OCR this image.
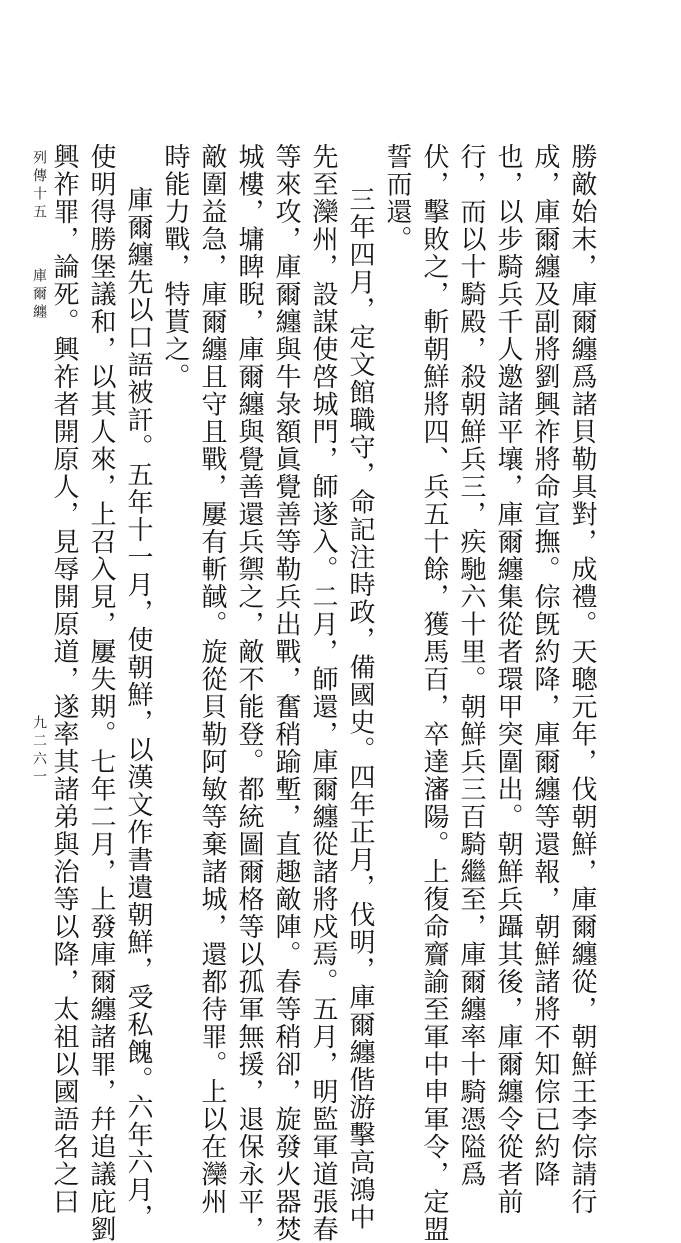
勝敵始末，庫爾纏爲諸貝勒具對，成禮。天聰元年，伐朝鮮，庫爾纏從，朝鮮王李倧請行
成，庫爾纏及副將劉興祚將命宣撫。倧旣約降，庫爾纏等還報，朝鮮諸將不知倧已約降
也，以步騎兵千人邀諸平壤，庫爾纏集從者環甲突圍出。朝鮮兵躡其後，庫爾纏令從者前
行，而以十騎殿，殺朝鮮兵三，疾馳六十里。朝鮮兵三百騎繼至，庫爾纏率十騎憑隘爲
伏，擊敗之，斬朝鮮將四、兵五十餘，獲馬百，卒達瀋陽。上復命齎諭至軍中申軍令，定盟
誓而還。
三年四月，定文館職守，命記注時政，備國史。四年正月，伐明，庫爾纏偕游擊高鴻中
先至灤州，設謀使啓城門，師遂入。二月，師還，庫爾纏從諸將戍焉。五月，明監軍道張春
等來攻，庫爾纏與牛彔額眞覺善等勒兵出戰，奮稍踰塹，直趣敵陣。春等稍卻，旋發火器焚
城樓，墉睥睨，庫爾纏與覺善還兵禦之，敵不能登。都統圖爾格等以孤軍無援，退保永平，
敵圍益急，庫爾纏且守且戰，屢有斬馘。旋從貝勒阿敏等棄諸城，還都待罪。上以在灤州
時能力戰，特貰之。
庫爾纏先以口語被訐。五年十一月，使朝鮮，以漢文作書遺朝鮮，受私餽。六年六月，
使明得勝堡議和，以其人來，上召入見，屢失期。七年二月，上發庫爾纏諸罪，幷追議庇劉
興祚罪，論死。興祚者開原人，見辱開原道，遂率其諸弟與治等以降，太祖以國語名之曰
列傳十五
庫爾纏
九二六一
